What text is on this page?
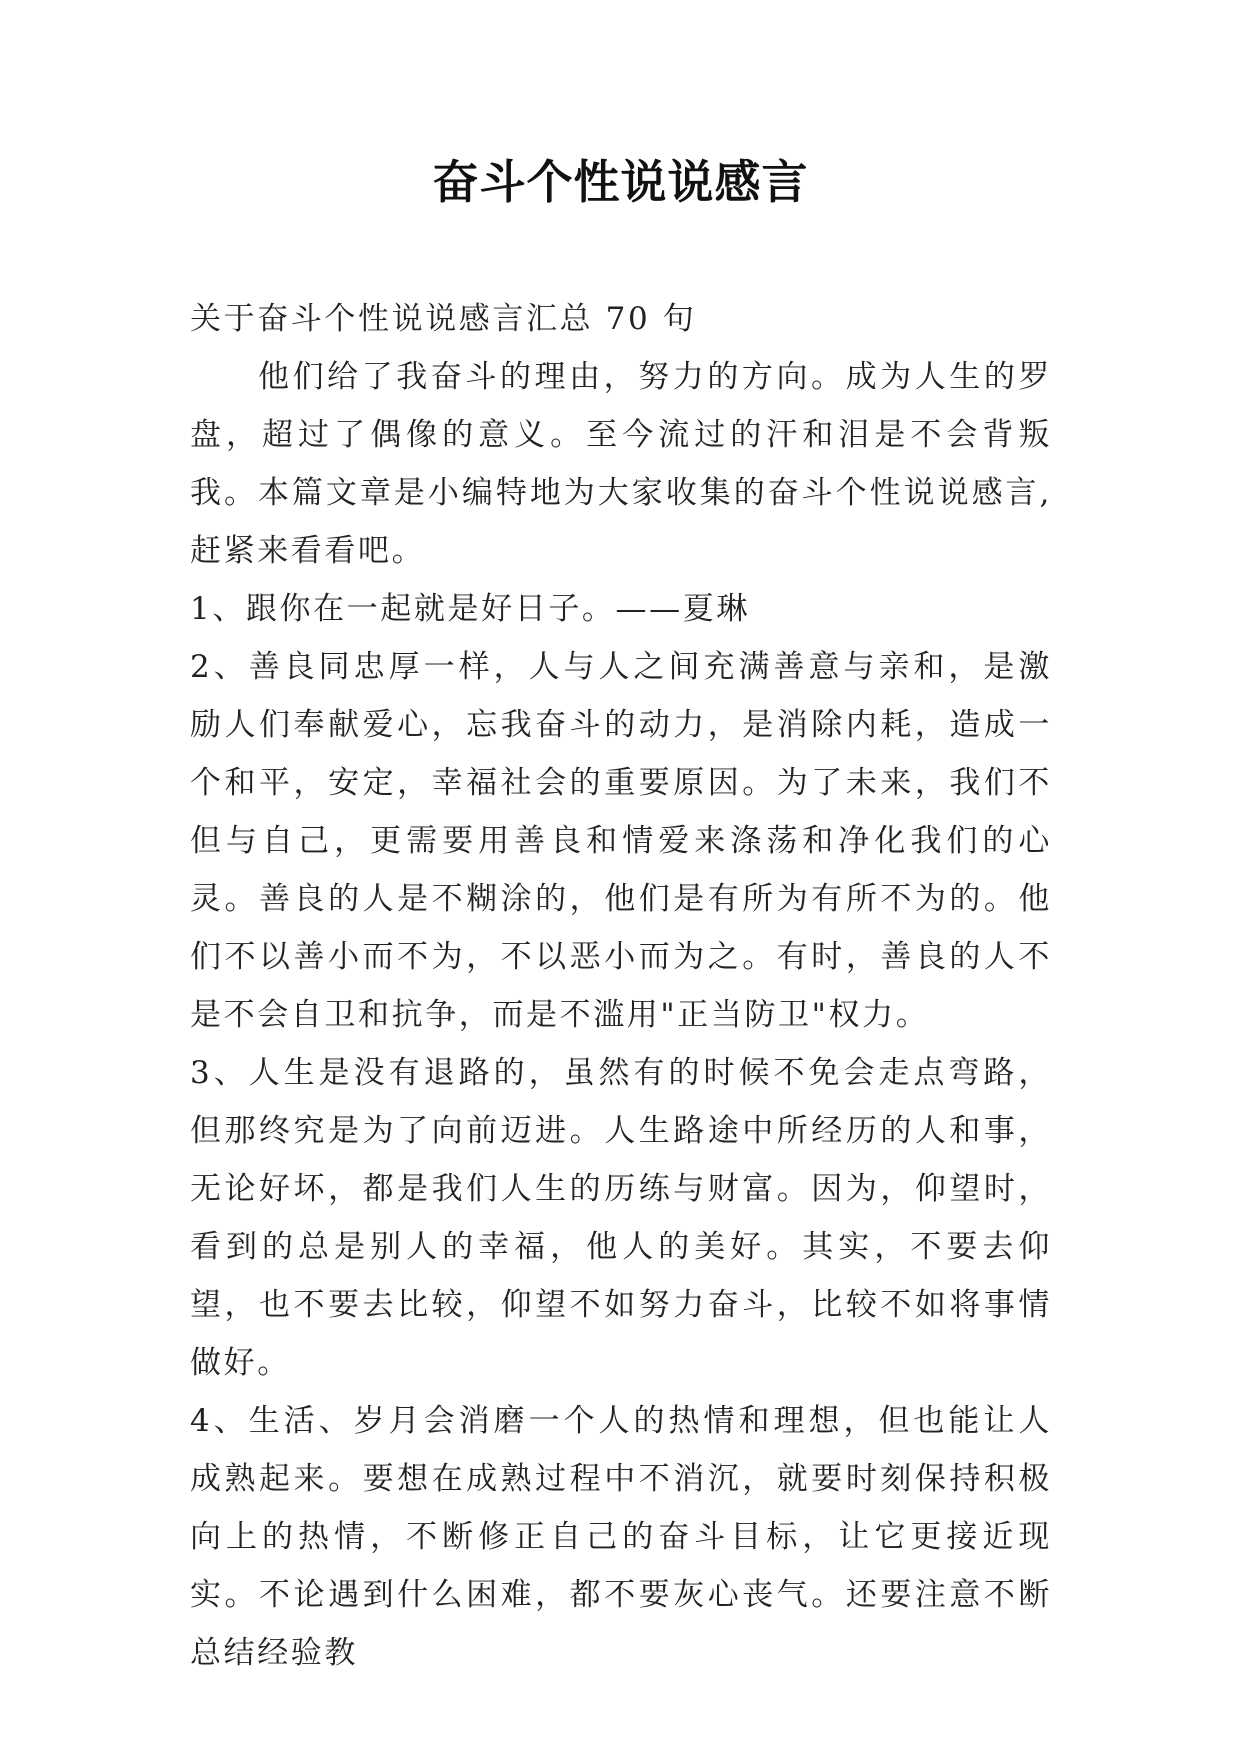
奋斗个性说说感言

关于奋斗个性说说感言汇总 70 句

他们给了我奋斗的理由，努力的方向。成为人生的罗盘，超过了偶像的意义。至今流过的汗和泪是不会背叛我。本篇文章是小编特地为大家收集的奋斗个性说说感言,赶紧来看看吧。

1、跟你在一起就是好日子。——夏琳

2、善良同忠厚一样，人与人之间充满善意与亲和，是激励人们奉献爱心，忘我奋斗的动力，是消除内耗，造成一个和平，安定，幸福社会的重要原因。为了未来，我们不但与自己，更需要用善良和情爱来涤荡和净化我们的心灵。善良的人是不糊涂的，他们是有所为有所不为的。他们不以善小而不为，不以恶小而为之。有时，善良的人不是不会自卫和抗争，而是不滥用"正当防卫"权力。

3、人生是没有退路的，虽然有的时候不免会走点弯路，但那终究是为了向前迈进。人生路途中所经历的人和事，无论好坏，都是我们人生的历练与财富。因为，仰望时，看到的总是别人的幸福，他人的美好。其实，不要去仰望，也不要去比较，仰望不如努力奋斗，比较不如将事情做好。

4、生活、岁月会消磨一个人的热情和理想，但也能让人成熟起来。要想在成熟过程中不消沉，就要时刻保持积极向上的热情，不断修正自己的奋斗目标，让它更接近现实。不论遇到什么困难，都不要灰心丧气。还要注意不断总结经验教
